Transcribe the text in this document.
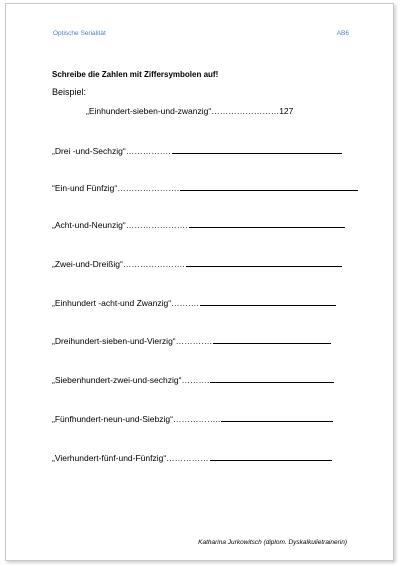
Optische Serialität	AB6
Schreibe die Zahlen mit Ziffersymbolen auf!
Beispiel:
„Einhundert-sieben-und-zwanzig“……………………127
„Drei -und-Sechzig“…………….
“Ein-und Fünfzig“………………….
„Acht-und-Neunzig“………………….
„Zwei-und-Dreißig“………………….
„Einhundert -acht-und Zwanzig“……….
„Dreihundert-sieben-und-Vierzig“………….
„Siebenhundert-zwei-und-sechzig“……….
„Fünfhundert-neun-und-Siebzig“……………..
„Vierhundert-fünf-und-Fünfzig“……………
Katharina Jurkowitsch (diplom. Dyskalkulietrainerin)
